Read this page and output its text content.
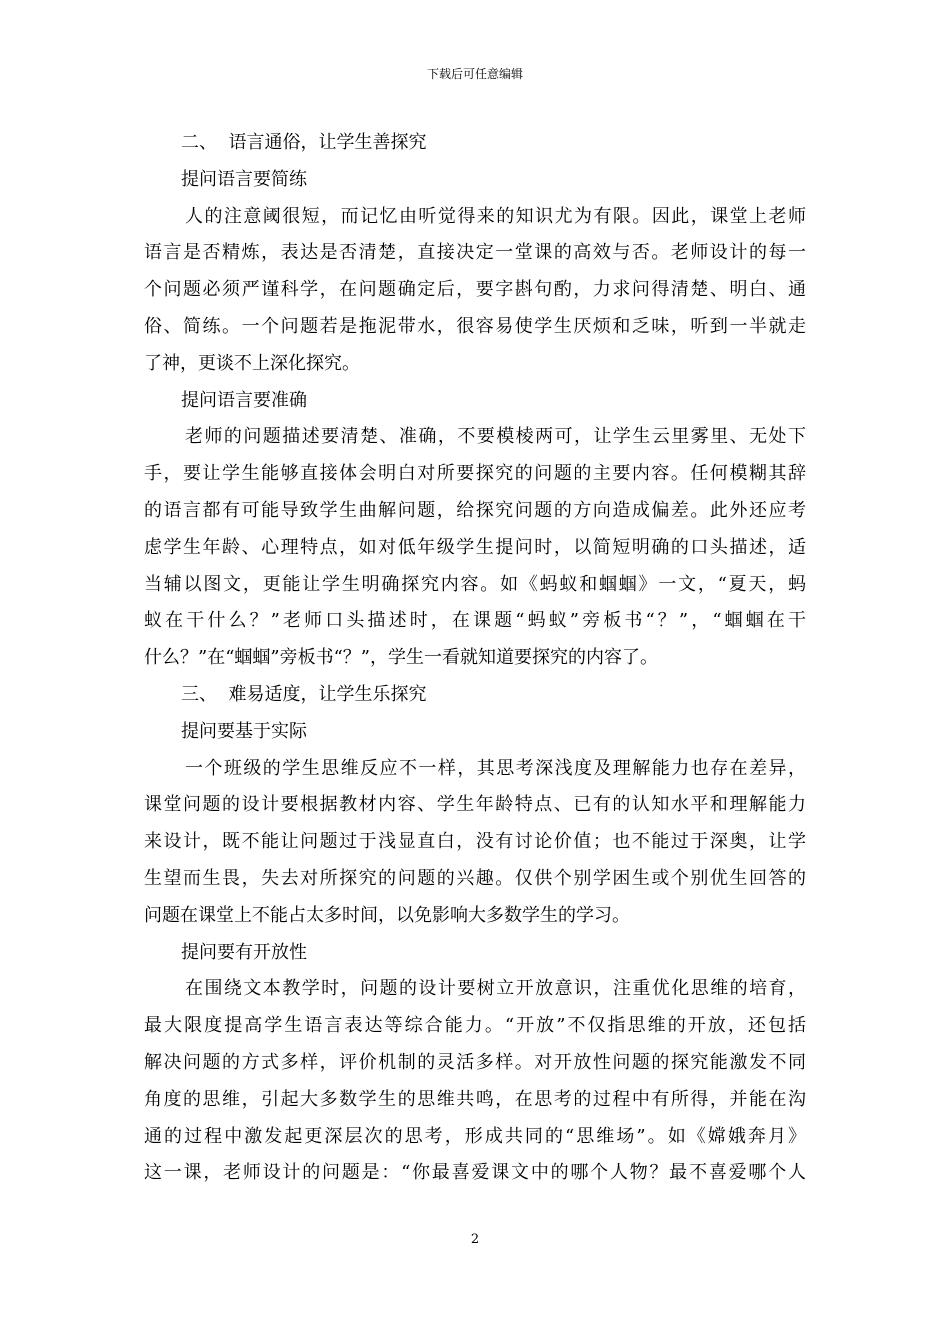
下载后可任意编辑
二、  语言通俗，让学生善探究
提问语言要简练
人的注意阈很短，而记忆由听觉得来的知识尤为有限。因此，课堂上老师
语言是否精炼，表达是否清楚，直接决定一堂课的高效与否。老师设计的每一
个问题必须严谨科学，在问题确定后，要字斟句酌，力求问得清楚、明白、通
俗、简练。一个问题若是拖泥带水，很容易使学生厌烦和乏味，听到一半就走
了神，更谈不上深化探究。
提问语言要准确
老师的问题描述要清楚、准确，不要模棱两可，让学生云里雾里、无处下
手，要让学生能够直接体会明白对所要探究的问题的主要内容。任何模糊其辞
的语言都有可能导致学生曲解问题，给探究问题的方向造成偏差。此外还应考
虑学生年龄、心理特点，如对低年级学生提问时，以简短明确的口头描述，适
当辅以图文，更能让学生明确探究内容。如《蚂蚁和蝈蝈》一文，“夏天，蚂
蚁在干什么？”老师口头描述时，在课题“蚂蚁”旁板书“？”，“蝈蝈在干
什么？”在“蝈蝈”旁板书“？”，学生一看就知道要探究的内容了。
三、  难易适度，让学生乐探究
提问要基于实际
一个班级的学生思维反应不一样，其思考深浅度及理解能力也存在差异，
课堂问题的设计要根据教材内容、学生年龄特点、已有的认知水平和理解能力
来设计，既不能让问题过于浅显直白，没有讨论价值；也不能过于深奥，让学
生望而生畏，失去对所探究的问题的兴趣。仅供个别学困生或个别优生回答的
问题在课堂上不能占太多时间，以免影响大多数学生的学习。
提问要有开放性
在围绕文本教学时，问题的设计要树立开放意识，注重优化思维的培育，
最大限度提高学生语言表达等综合能力。“开放”不仅指思维的开放，还包括
解决问题的方式多样，评价机制的灵活多样。对开放性问题的探究能激发不同
角度的思维，引起大多数学生的思维共鸣，在思考的过程中有所得，并能在沟
通的过程中激发起更深层次的思考，形成共同的“思维场”。如《嫦娥奔月》
这一课，老师设计的问题是：“你最喜爱课文中的哪个人物？最不喜爱哪个人
2
